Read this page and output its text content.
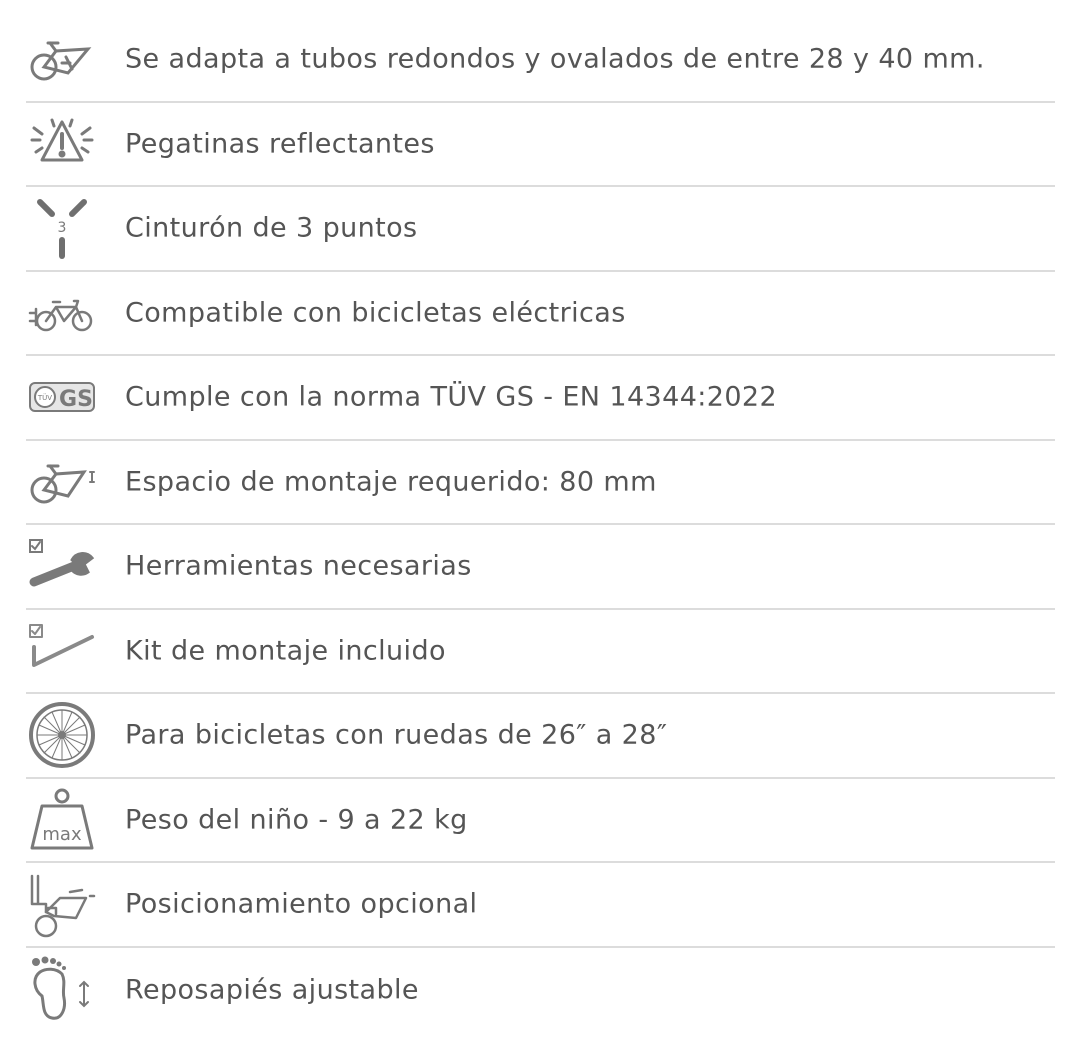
Se adapta a tubos redondos y ovalados de entre 28 y 40 mm.
Pegatinas reflectantes
3 Cinturón de 3 puntos
Compatible con bicicletas eléctricas
TÜV GS Cumple con la norma TÜV GS - EN 14344:2022
Espacio de montaje requerido: 80 mm
Herramientas necesarias
Kit de montaje incluido
Para bicicletas con ruedas de 26″ a 28″
max Peso del niño - 9 a 22 kg
Posicionamiento opcional
Reposapiés ajustable
